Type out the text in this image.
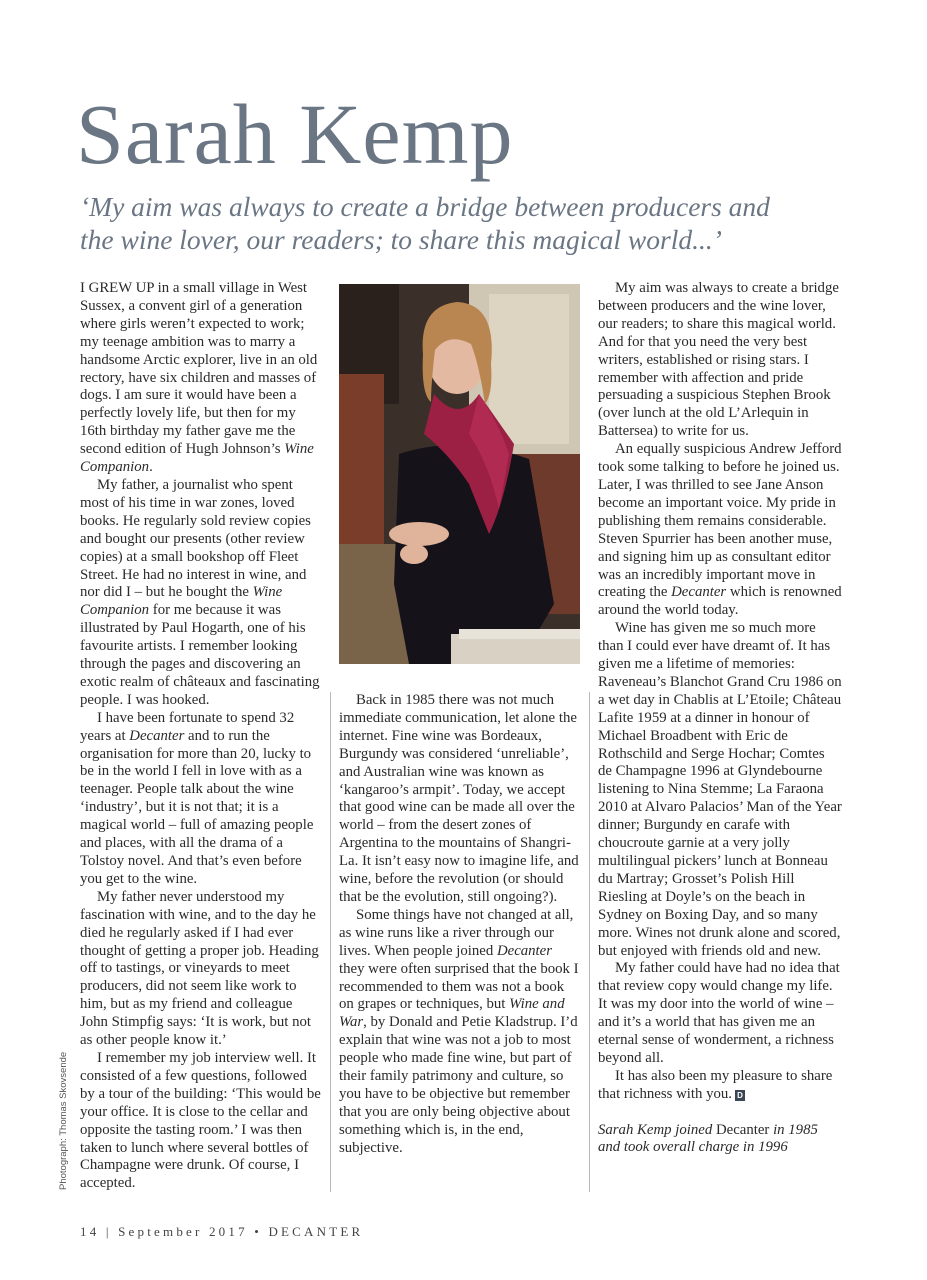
Sarah Kemp

‘My aim was always to create a bridge between producers and the wine lover, our readers; to share this magical world...’

I GREW UP in a small village in West Sussex, a convent girl of a generation where girls weren’t expected to work; my teenage ambition was to marry a handsome Arctic explorer, live in an old rectory, have six children and masses of dogs. I am sure it would have been a perfectly lovely life, but then for my 16th birthday my father gave me the second edition of Hugh Johnson’s Wine Companion.

My father, a journalist who spent most of his time in war zones, loved books. He regularly sold review copies and bought our presents (other review copies) at a small bookshop off Fleet Street. He had no interest in wine, and nor did I – but he bought the Wine Companion for me because it was illustrated by Paul Hogarth, one of his favourite artists. I remember looking through the pages and discovering an exotic realm of châteaux and fascinating people. I was hooked.

I have been fortunate to spend 32 years at Decanter and to run the organisation for more than 20, lucky to be in the world I fell in love with as a teenager. People talk about the wine ‘industry’, but it is not that; it is a magical world – full of amazing people and places, with all the drama of a Tolstoy novel. And that’s even before you get to the wine.

My father never understood my fascination with wine, and to the day he died he regularly asked if I had ever thought of getting a proper job. Heading off to tastings, or vineyards to meet producers, did not seem like work to him, but as my friend and colleague John Stimpfig says: ‘It is work, but not as other people know it.’

I remember my job interview well. It consisted of a few questions, followed by a tour of the building: ‘This would be your office. It is close to the cellar and opposite the tasting room.’ I was then taken to lunch where several bottles of Champagne were drunk. Of course, I accepted.

Back in 1985 there was not much immediate communication, let alone the internet. Fine wine was Bordeaux, Burgundy was considered ‘unreliable’, and Australian wine was known as ‘kangaroo’s armpit’. Today, we accept that good wine can be made all over the world – from the desert zones of Argentina to the mountains of Shangri-La. It isn’t easy now to imagine life, and wine, before the revolution (or should that be the evolution, still ongoing?).

Some things have not changed at all, as wine runs like a river through our lives. When people joined Decanter they were often surprised that the book I recommended to them was not a book on grapes or techniques, but Wine and War, by Donald and Petie Kladstrup. I’d explain that wine was not a job to most people who made fine wine, but part of their family patrimony and culture, so you have to be objective but remember that you are only being objective about something which is, in the end, subjective.

My aim was always to create a bridge between producers and the wine lover, our readers; to share this magical world. And for that you need the very best writers, established or rising stars. I remember with affection and pride persuading a suspicious Stephen Brook (over lunch at the old L’Arlequin in Battersea) to write for us.

An equally suspicious Andrew Jefford took some talking to before he joined us. Later, I was thrilled to see Jane Anson become an important voice. My pride in publishing them remains considerable. Steven Spurrier has been another muse, and signing him up as consultant editor was an incredibly important move in creating the Decanter which is renowned around the world today.

Wine has given me so much more than I could ever have dreamt of. It has given me a lifetime of memories: Raveneau’s Blanchot Grand Cru 1986 on a wet day in Chablis at L’Etoile; Château Lafite 1959 at a dinner in honour of Michael Broadbent with Eric de Rothschild and Serge Hochar; Comtes de Champagne 1996 at Glyndebourne listening to Nina Stemme; La Faraona 2010 at Alvaro Palacios’ Man of the Year dinner; Burgundy en carafe with choucroute garnie at a very jolly multilingual pickers’ lunch at Bonneau du Martray; Grosset’s Polish Hill Riesling at Doyle’s on the beach in Sydney on Boxing Day, and so many more. Wines not drunk alone and scored, but enjoyed with friends old and new.

My father could have had no idea that that review copy would change my life. It was my door into the world of wine – and it’s a world that has given me an eternal sense of wonderment, a richness beyond all.

It has also been my pleasure to share that richness with you. D

Sarah Kemp joined Decanter in 1985 and took overall charge in 1996

Photograph: Thomas Skovsende
14 | September 2017 • DECANTER
